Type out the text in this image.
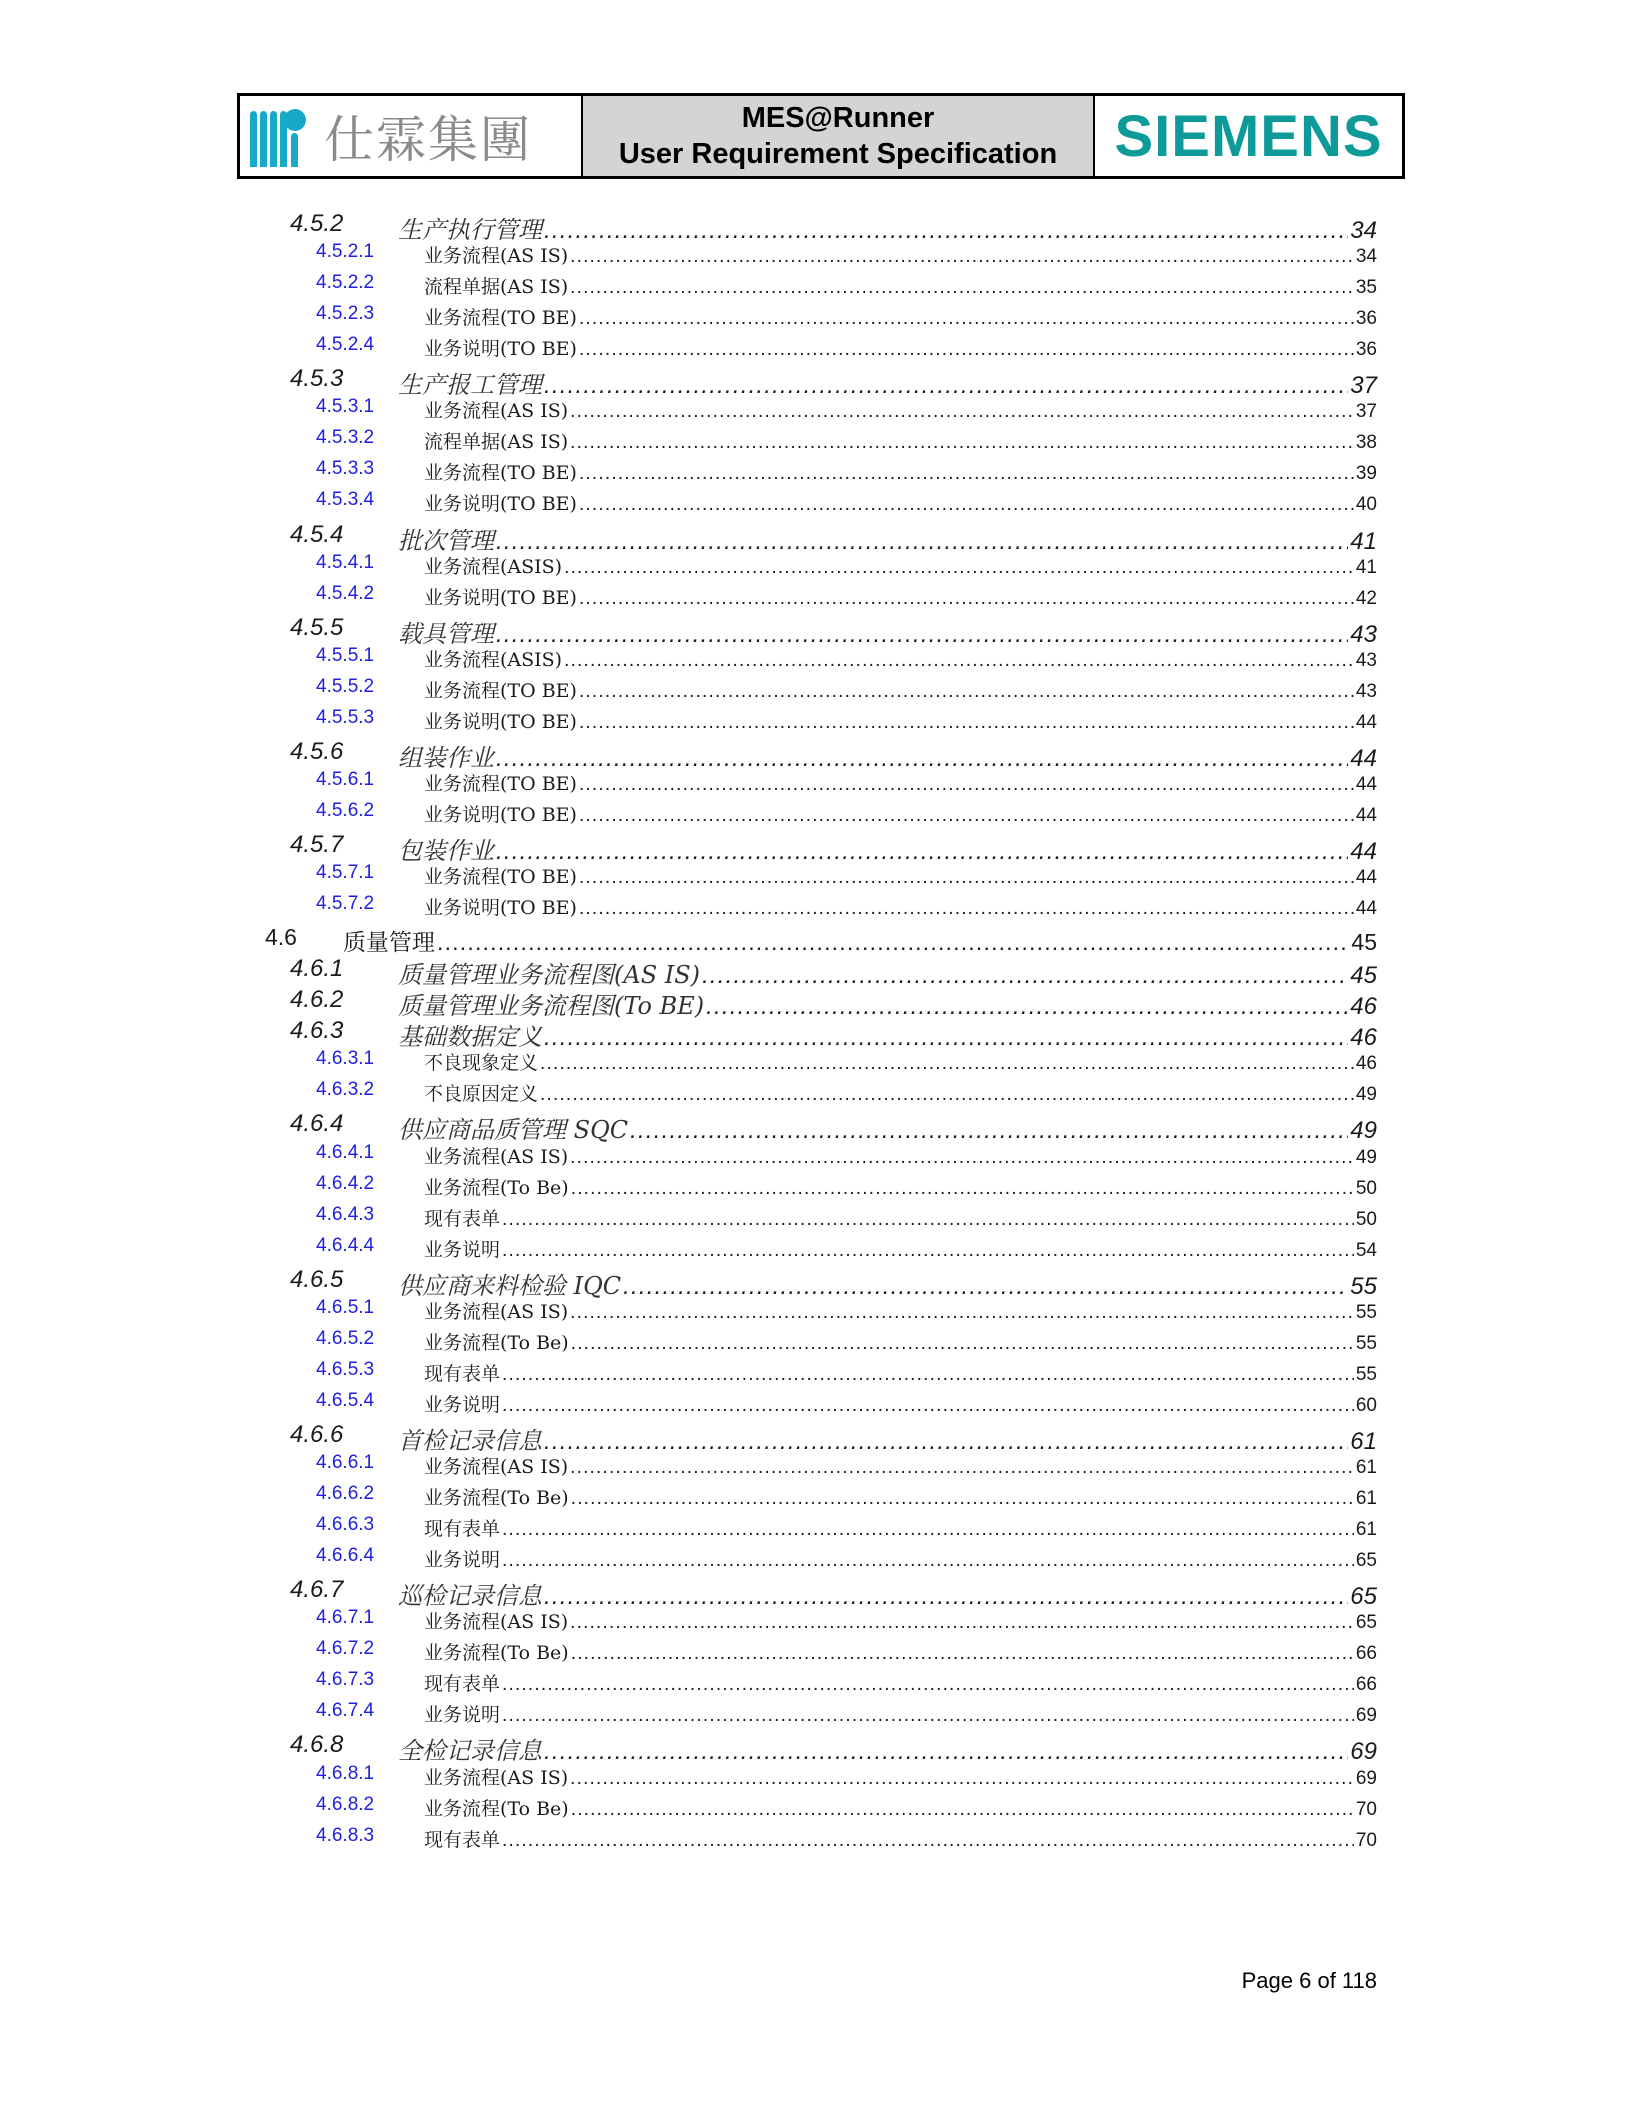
仕霖集團	MES@Runner
User Requirement Specification SIEMENS
4.5.2 生产执行管理 .....	34
4.5.2.1	业务流程(AS IS) .....	34
4.5.2.2	流程单据(AS IS) .....	35
4.5.2.3	业务流程(TO BE) .....	36
4.5.2.4	业务说明(TO BE) .....	36
4.5.3 生产报工管理 .....	37
4.5.3.1	业务流程(AS IS) .....	37
4.5.3.2	流程单据(AS IS) .....	38
4.5.3.3	业务流程(TO BE) .....	39
4.5.3.4	业务说明(TO BE) .....	40
4.5.4 批次管理 .....	41
4.5.4.1	业务流程(ASIS) .....	41
4.5.4.2	业务说明(TO BE) .....	42
4.5.5 载具管理 .....	43
4.5.5.1	业务流程(ASIS) .....	43
4.5.5.2	业务流程(TO BE) .....	43
4.5.5.3	业务说明(TO BE) .....	44
4.5.6 组装作业 .....	44
4.5.6.1	业务流程(TO BE) .....	44
4.5.6.2	业务说明(TO BE) .....	44
4.5.7 包装作业 .....	44
4.5.7.1	业务流程(TO BE) .....	44
4.5.7.2	业务说明(TO BE) .....	44
4.6 质量管理 .....	45
4.6.1 质量管理业务流程图(AS IS) .....	45
4.6.2 质量管理业务流程图(To BE) .....	46
4.6.3 基础数据定义 .....	46
4.6.3.1	不良现象定义 .....	46
4.6.3.2	不良原因定义 .....	49
4.6.4 供应商品质管理 SQC .....	49
4.6.4.1	业务流程(AS IS) .....	49
4.6.4.2	业务流程(To Be) .....	50
4.6.4.3	现有表单 .....	50
4.6.4.4	业务说明 .....	54
4.6.5 供应商来料检验 IQC .....	55
4.6.5.1	业务流程(AS IS) .....	55
4.6.5.2	业务流程(To Be) .....	55
4.6.5.3	现有表单 .....	55
4.6.5.4	业务说明 .....	60
4.6.6 首检记录信息 .....	61
4.6.6.1	业务流程(AS IS) .....	61
4.6.6.2	业务流程(To Be) .....	61
4.6.6.3	现有表单 .....	61
4.6.6.4	业务说明 .....	65
4.6.7 巡检记录信息 .....	65
4.6.7.1	业务流程(AS IS) .....	65
4.6.7.2	业务流程(To Be) .....	66
4.6.7.3	现有表单 .....	66
4.6.7.4	业务说明 .....	69
4.6.8 全检记录信息 .....	69
4.6.8.1	业务流程(AS IS) .....	69
4.6.8.2	业务流程(To Be) .....	70
4.6.8.3	现有表单 .....	70
Page 6 of 118
